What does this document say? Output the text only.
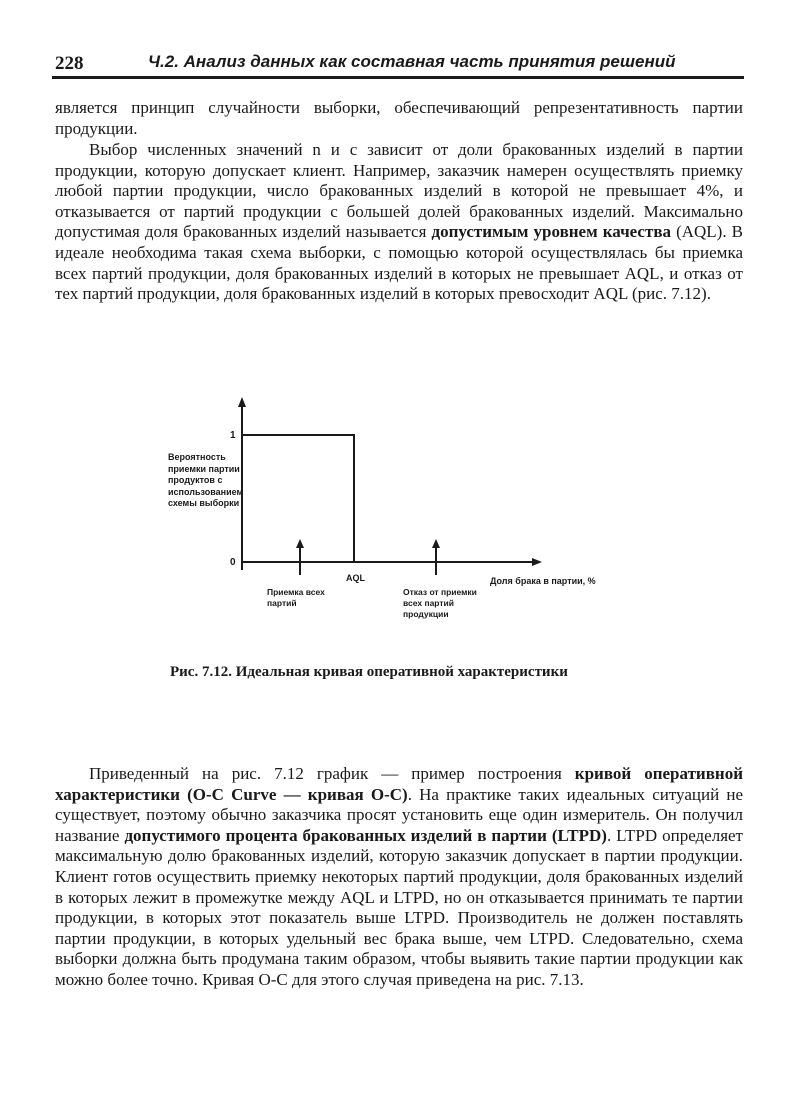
228	Ч.2. Анализ данных как составная часть принятия решений

является принцип случайности выборки, обеспечивающий репрезентативность партии продукции.

Выбор численных значений n и с зависит от доли бракованных изделий в партии продукции, которую допускает клиент. Например, заказчик намерен осуществлять приемку любой партии продукции, число бракованных изделий в которой не превышает 4%, и отказывается от партий продукции с большей долей бракованных изделий. Максимально допустимая доля бракованных изделий называется допустимым уровнем качества (AQL). В идеале необходима такая схема выборки, с помощью которой осуществлялась бы приемка всех партий продукции, доля бракованных изделий в которых не превышает AQL, и отказ от тех партий продукции, доля бракованных изделий в которых превосходит AQL (рис. 7.12).

Вероятность приемки партии продуктов с использованием схемы выборки
1
0
AQL	Доля брака в партии, %
Приемка всех партий
Отказ от приемки всех партий продукции
Рис. 7.12. Идеальная кривая оперативной характеристики

Приведенный на рис. 7.12 график — пример построения кривой оперативной характеристики (O-C Curve — кривая O-C). На практике таких идеальных ситуаций не существует, поэтому обычно заказчика просят установить еще один измеритель. Он получил название допустимого процента бракованных изделий в партии (LTPD). LTPD определяет максимальную долю бракованных изделий, которую заказчик допускает в партии продукции. Клиент готов осуществить приемку некоторых партий продукции, доля бракованных изделий в которых лежит в промежутке между AQL и LTPD, но он отказывается принимать те партии продукции, в которых этот показатель выше LTPD. Производитель не должен поставлять партии продукции, в которых удельный вес брака выше, чем LTPD. Следовательно, схема выборки должна быть продумана таким образом, чтобы выявить такие партии продукции как можно более точно. Кривая O-C для этого случая приведена на рис. 7.13.
